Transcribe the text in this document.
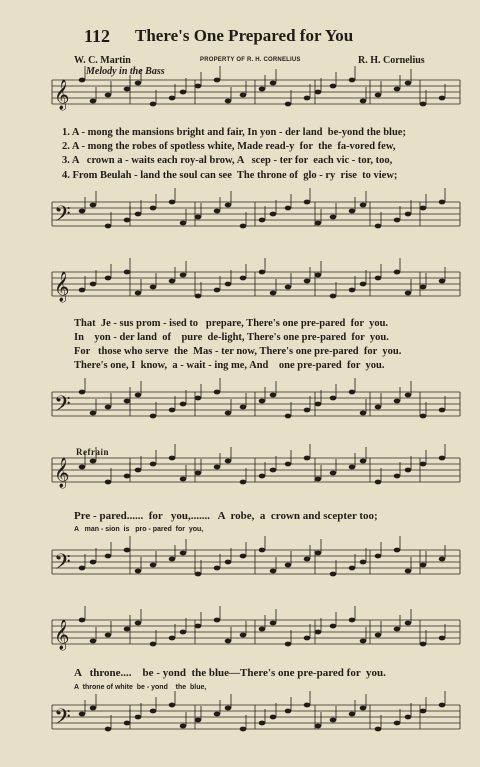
112 There's One Prepared for You
W. C. Martin	PROPERTY OF R. H. CORNELIUS	R. H. Cornelius
Melody in the Bass
𝄞
𝄢
𝄞
𝄢
𝄞
𝄢
𝄞
𝄢
1. A - mong the mansions bright and fair, In yon - der land  be-yond the blue;
2. A - mong the robes of spotless white, Made read-y  for  the  fa-vored few,
3. A   crown a - waits each roy-al brow, A   scep - ter for  each vic - tor, too,
4. From Beulah - land the soul can see  The throne of  glo - ry  rise  to view;
That  Je - sus prom - ised to   prepare, There's one pre-pared  for  you.
In    yon - der land  of    pure  de-light, There's one pre-pared  for  you.
For   those who serve  the  Mas - ter now, There's one pre-pared  for  you.
There's one, I  know,  a - wait - ing me, And    one pre-pared  for  you.
Refrain
Pre - pared......  for   you,.......   A  robe,  a  crown and scepter too;
A   man - sion  is   pro - pared  for  you,
A   throne....    be - yond  the blue—There's one pre-pared for  you.
A  throne of white  be - yond    the  blue,
